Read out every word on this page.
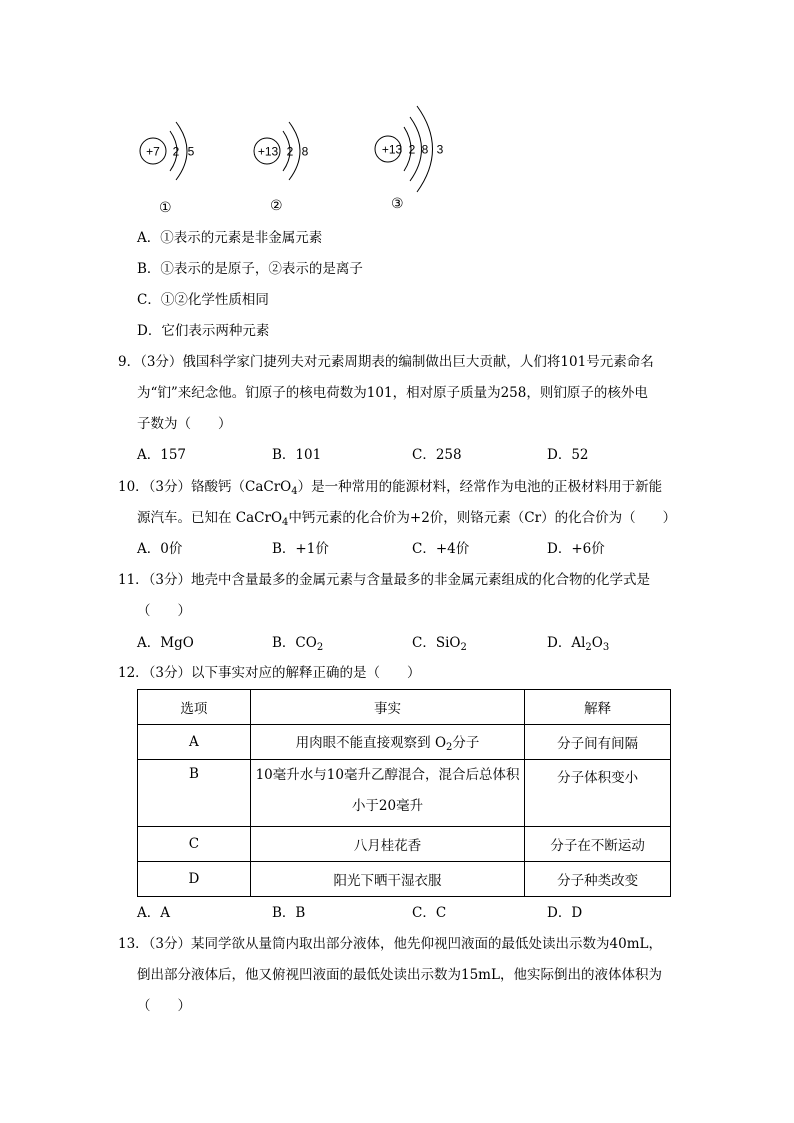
+7 2 5	+13 2 8	+13 2 8 3
①	②	③
A．①表示的元素是非金属元素
B．①表示的是原子，②表示的是离子
C．①②化学性质相同
D．它们表示两种元素
9．（3分）俄国科学家门捷列夫对元素周期表的编制做出巨大贡献，人们将101号元素命名
为“钔”来纪念他。钔原子的核电荷数为101，相对原子质量为258，则钔原子的核外电
子数为（　　）
A．157	B．101	C．258	D．52
10．（3分）铬酸钙（CaCrO$_4$）是一种常用的能源材料，经常作为电池的正极材料用于新能
源汽车。已知在 CaCrO$_4$中钙元素的化合价为+2价，则铬元素（Cr）的化合价为（　　）
A．0价	B．+1价	C．+4价	D．+6价
11．（3分）地壳中含量最多的金属元素与含量最多的非金属元素组成的化合物的化学式是
（　　）
A．MgO	B．$CO_2$	C．SiO$_2$	D．$Al_2O_3$
12．（3分）以下事实对应的解释正确的是（　　）
选项	事实	解释
A	用肉眼不能直接观察到 $O_2$分子	分子间有间隔
B	10毫升水与10毫升乙醇混合，混合后总体积
小于20毫升	分子体积变小
C	八月桂花香	分子在不断运动
D	阳光下晒干湿衣服	分子种类改变
A．A	B．B	C．C	D．D
13．（3分）某同学欲从量筒内取出部分液体，他先仰视凹液面的最低处读出示数为40mL，
倒出部分液体后，他又俯视凹液面的最低处读出示数为15mL，他实际倒出的液体体积为
（　　）
